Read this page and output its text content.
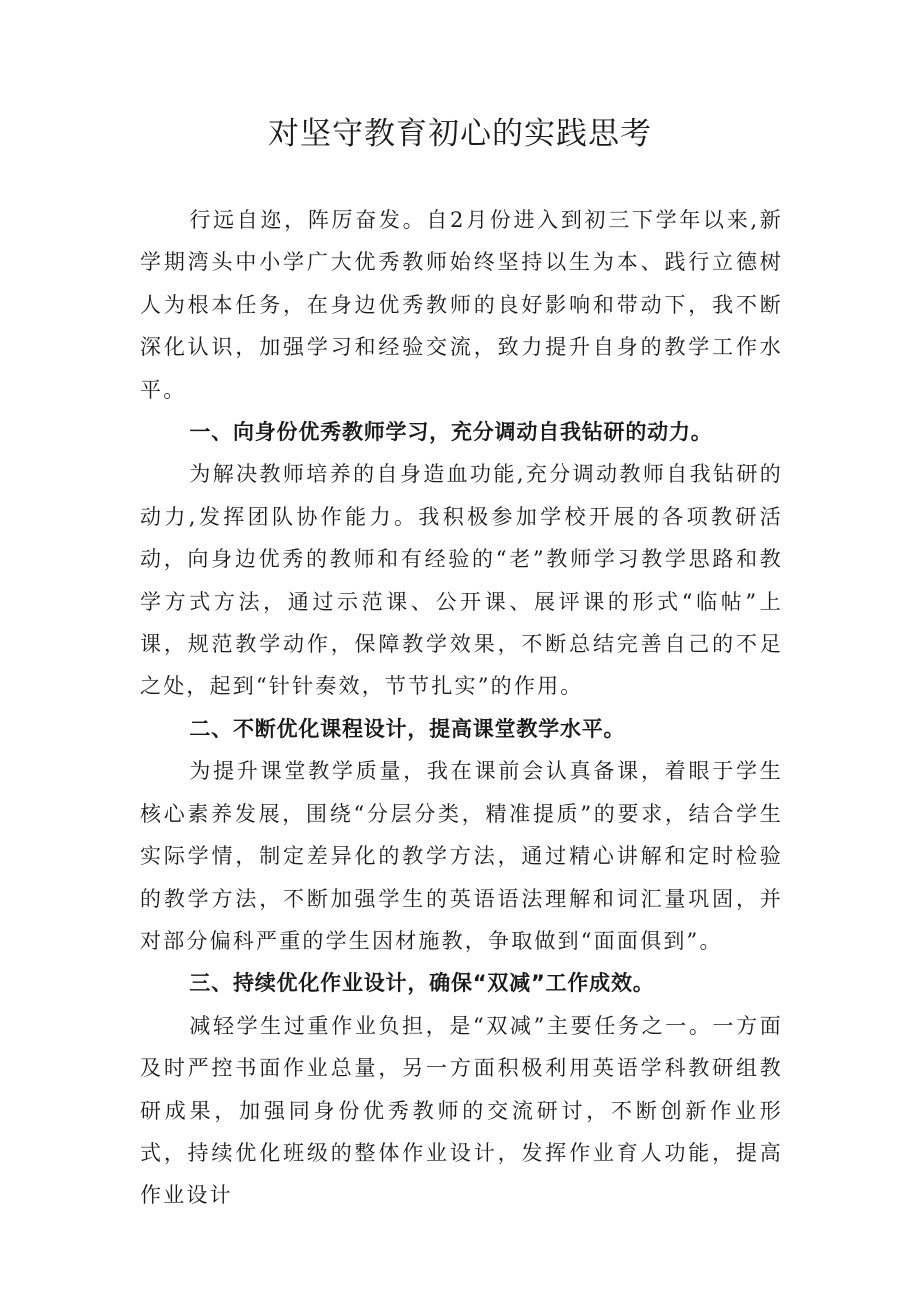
对坚守教育初心的实践思考

行远自迩，阵厉奋发。自2月份进入到初三下学年以来,新学期湾头中小学广大优秀教师始终坚持以生为本、践行立德树人为根本任务，在身边优秀教师的良好影响和带动下，我不断深化认识，加强学习和经验交流，致力提升自身的教学工作水平。

一、向身份优秀教师学习，充分调动自我钻研的动力。

为解决教师培养的自身造血功能,充分调动教师自我钻研的动力,发挥团队协作能力。我积极参加学校开展的各项教研活动，向身边优秀的教师和有经验的“老”教师学习教学思路和教学方式方法，通过示范课、公开课、展评课的形式“临帖”上课，规范教学动作，保障教学效果，不断总结完善自己的不足之处，起到“针针奏效，节节扎实”的作用。

二、不断优化课程设计，提高课堂教学水平。

为提升课堂教学质量，我在课前会认真备课，着眼于学生核心素养发展，围绕“分层分类，精准提质”的要求，结合学生实际学情，制定差异化的教学方法，通过精心讲解和定时检验的教学方法，不断加强学生的英语语法理解和词汇量巩固，并对部分偏科严重的学生因材施教，争取做到“面面俱到”。

三、持续优化作业设计，确保“双减”工作成效。

减轻学生过重作业负担，是“双减”主要任务之一。一方面及时严控书面作业总量，另一方面积极利用英语学科教研组教研成果，加强同身份优秀教师的交流研讨，不断创新作业形式，持续优化班级的整体作业设计，发挥作业育人功能，提高作业设计
